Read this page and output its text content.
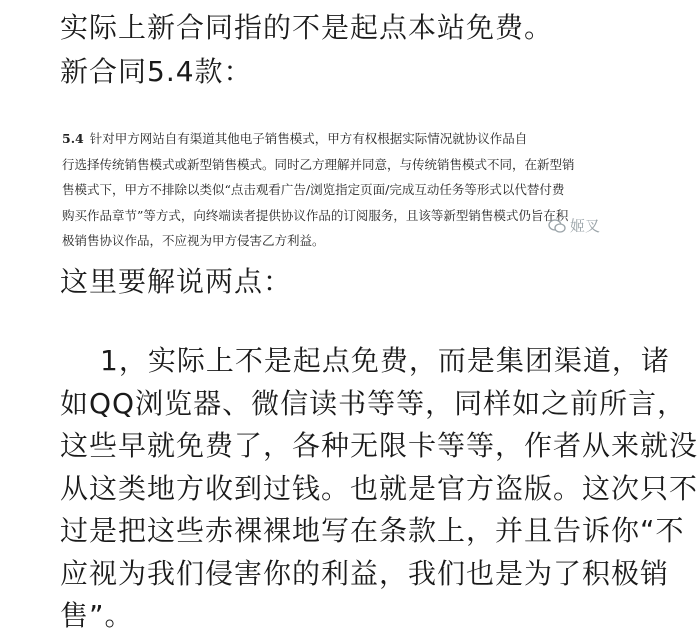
实际上新合同指的不是起点本站免费。

新合同5.4款：

5.4 针对甲方网站自有渠道其他电子销售模式，甲方有权根据实际情况就协议作品自
行选择传统销售模式或新型销售模式。同时乙方理解并同意，与传统销售模式不同，在新型销
售模式下，甲方不排除以类似“点击观看广告/浏览指定页面/完成互动任务等形式以代替付费
购买作品章节”等方式，向终端读者提供协议作品的订阅服务，且该等新型销售模式仍旨在积
极销售协议作品，不应视为甲方侵害乙方利益。
姬叉

这里要解说两点：

1，实际上不是起点免费，而是集团渠道，诸

如QQ浏览器、微信读书等等，同样如之前所言，

这些早就免费了，各种无限卡等等，作者从来就没

从这类地方收到过钱。也就是官方盗版。这次只不

过是把这些赤裸裸地写在条款上，并且告诉你“不

应视为我们侵害你的利益，我们也是为了积极销

售”。
